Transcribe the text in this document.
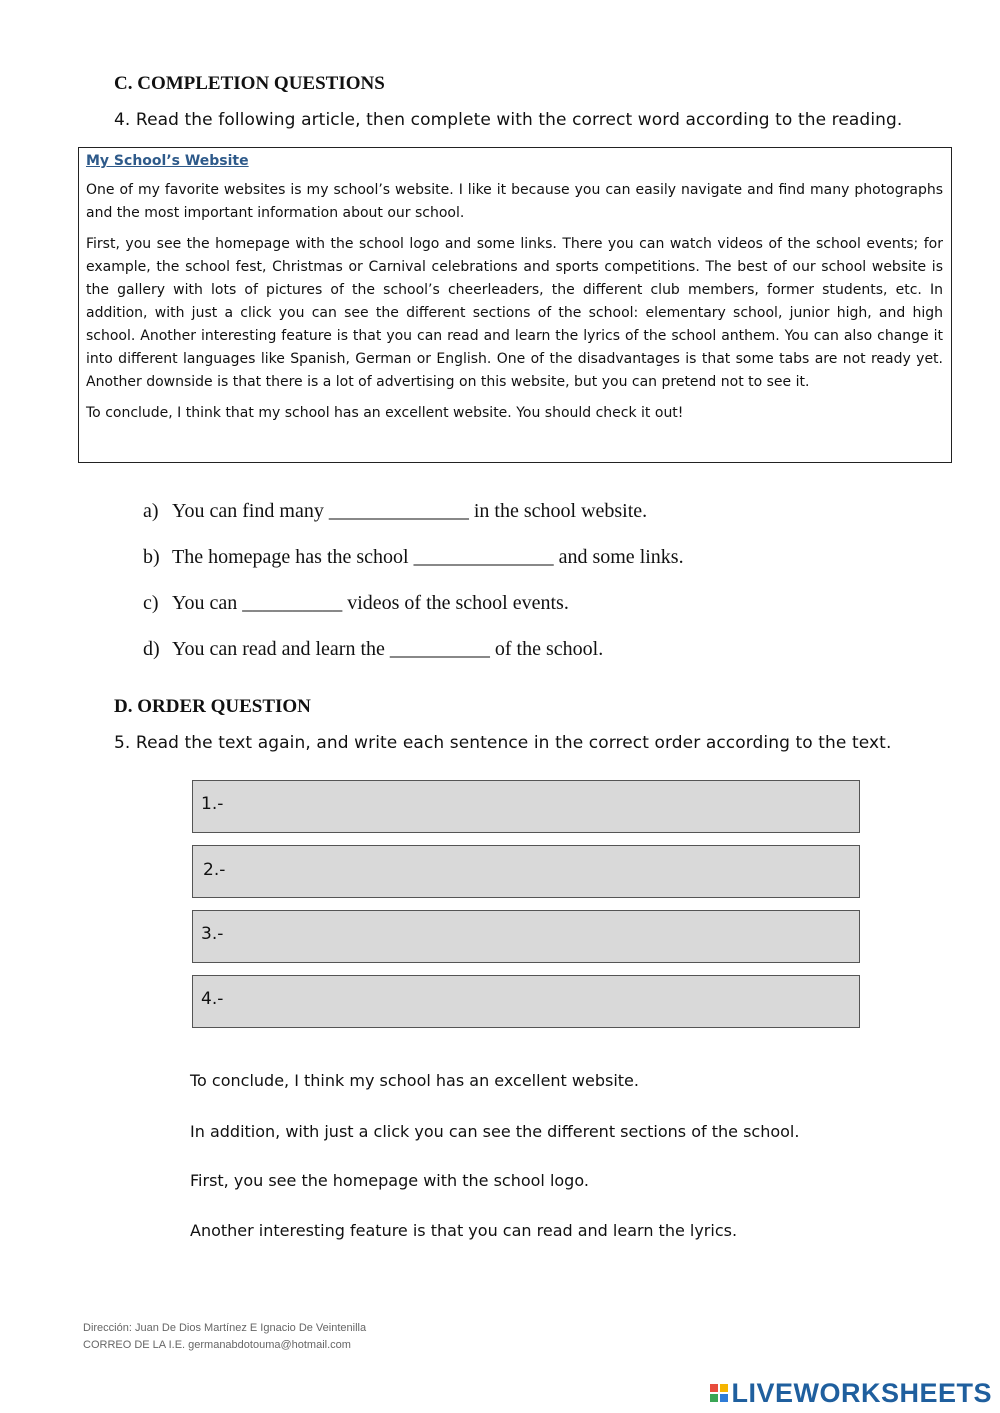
C. COMPLETION QUESTIONS
4. Read the following article, then complete with the correct word according to the reading.
My School’s Website

One of my favorite websites is my school’s website. I like it because you can easily navigate and find many photographs and the most important information about our school.

First, you see the homepage with the school logo and some links. There you can watch videos of the school events; for example, the school fest, Christmas or Carnival celebrations and sports competitions. The best of our school website is the gallery with lots of pictures of the school’s cheerleaders, the different club members, former students, etc. In addition, with just a click you can see the different sections of the school: elementary school, junior high, and high school. Another interesting feature is that you can read and learn the lyrics of the school anthem. You can also change it into different languages like Spanish, German or English. One of the disadvantages is that some tabs are not ready yet. Another downside is that there is a lot of advertising on this website, but you can pretend not to see it.

To conclude, I think that my school has an excellent website. You should check it out!

a) You can find many ______________ in the school website.
b) The homepage has the school ______________ and some links.
c) You can __________ videos of the school events.
d) You can read and learn the __________ of the school.
D. ORDER QUESTION
5. Read the text again, and write each sentence in the correct order according to the text.
1.-
2.-
3.-
4.-
To conclude, I think my school has an excellent website.
In addition, with just a click you can see the different sections of the school.
First, you see the homepage with the school logo.
Another interesting feature is that you can read and learn the lyrics.
Dirección: Juan De Dios Martínez E Ignacio De Veintenilla
CORREO DE LA I.E. germanabdotouma@hotmail.com
LIVEWORKSHEETS
